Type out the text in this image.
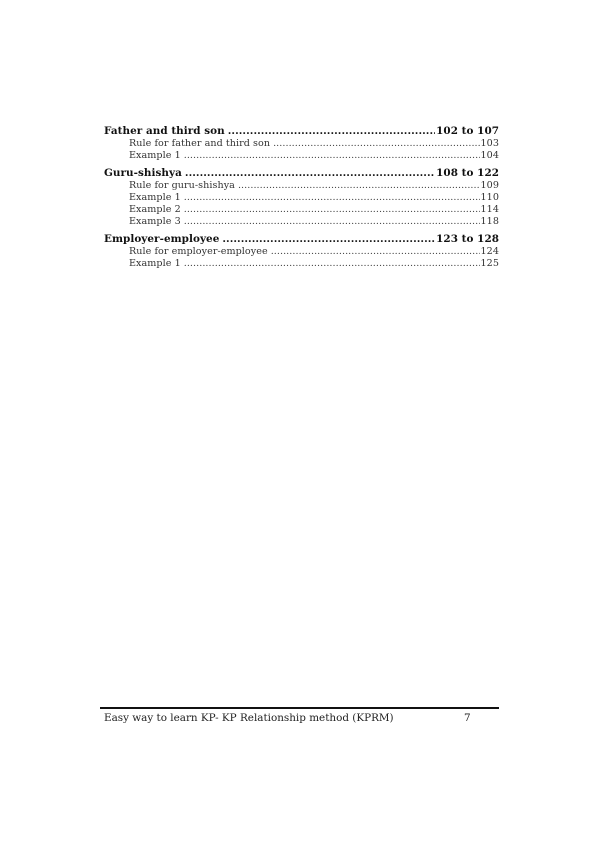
Father and third son .....	102 to 107
Rule for father and third son .....	103
Example 1 .....	104
Guru-shishya .....	108 to 122
Rule for guru-shishya .....	109
Example 1 .....	110
Example 2 .....	114
Example 3 .....	118
Employer-employee .....	123 to 128
Rule for employer-employee .....	124
Example 1 .....	125
Easy way to learn KP- KP Relationship method (KPRM)	7
